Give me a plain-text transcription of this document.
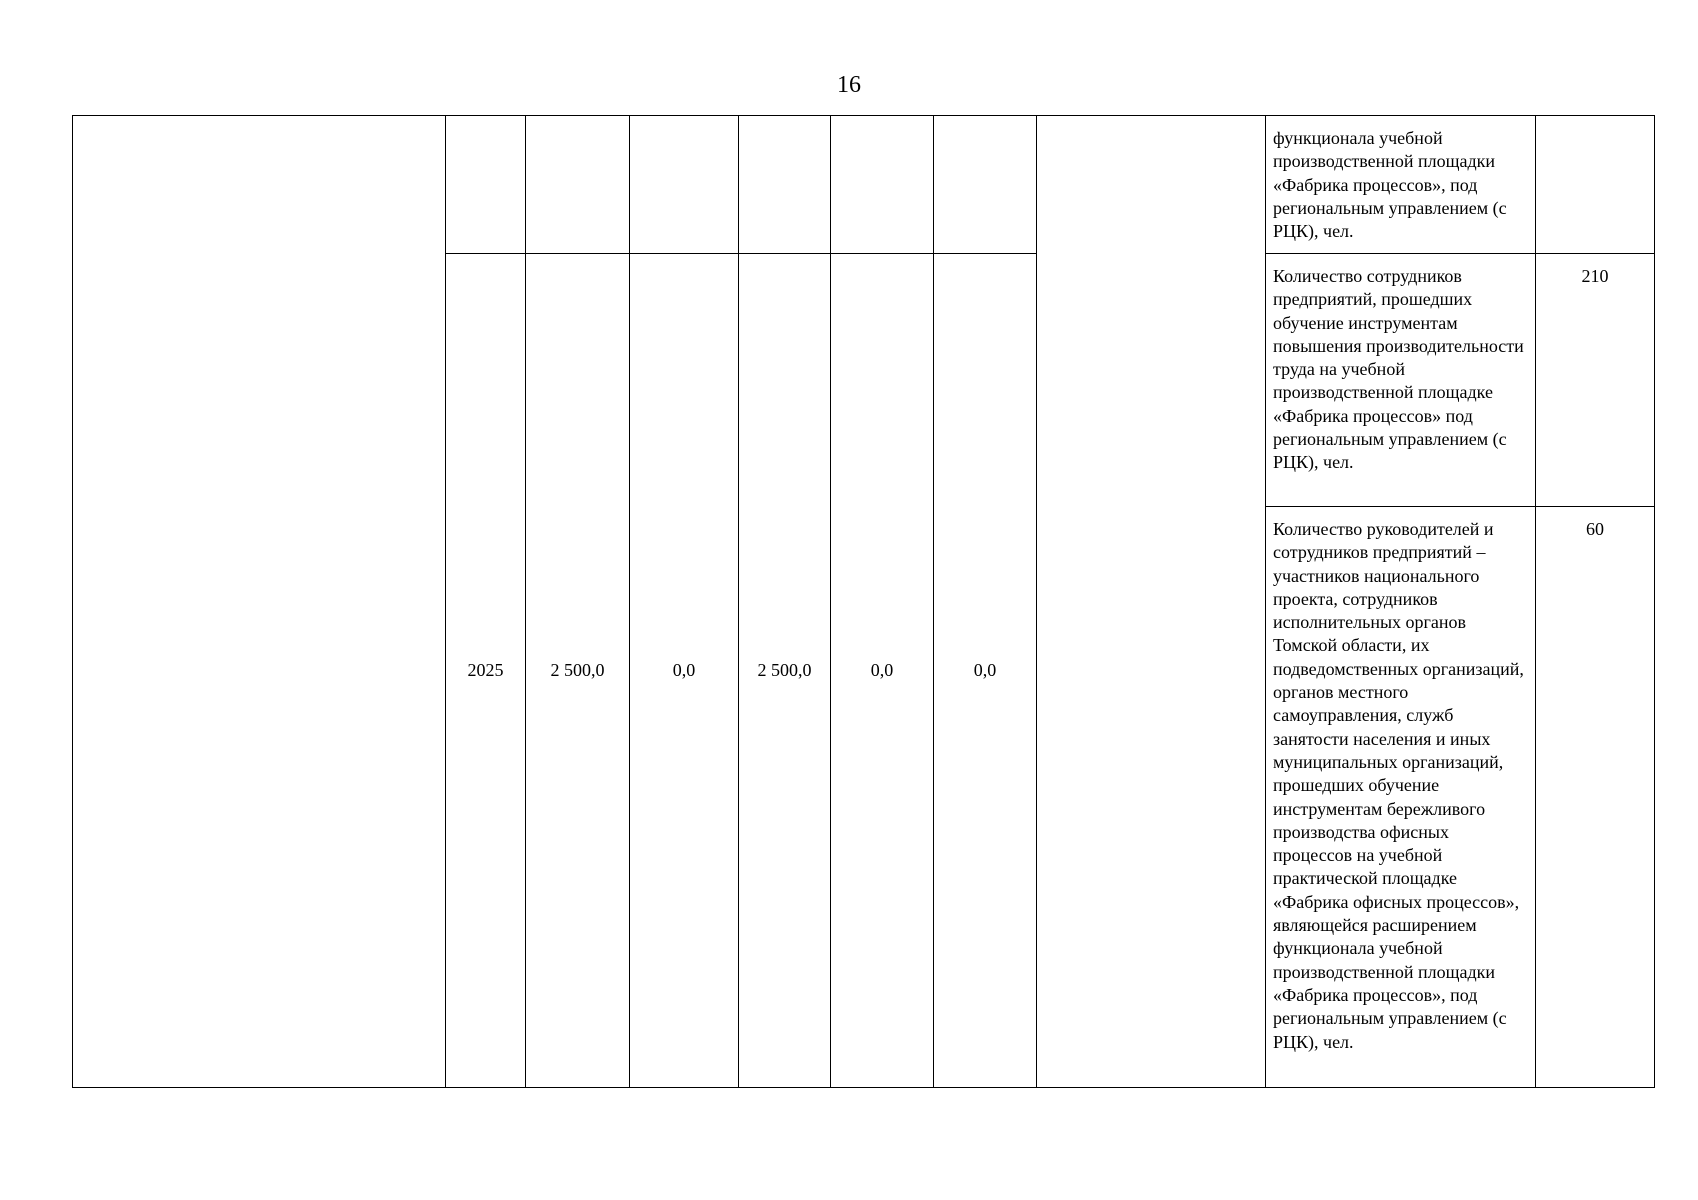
16
								функционала учебной производственной площадки «Фабрика процессов», под региональным управлением (с РЦК), чел.	
	2025	2 500,0	0,0	2 500,0	0,0	0,0		Количество сотрудников предприятий, прошедших обучение инструментам повышения производительности труда на учебной производственной площадке «Фабрика процессов» под региональным управлением (с РЦК), чел.	210
								Количество руководителей и сотрудников предприятий – участников национального проекта, сотрудников исполнительных органов Томской области, их подведомственных организаций, органов местного самоуправления, служб занятости населения и иных муниципальных организаций, прошедших обучение инструментам бережливого производства офисных процессов на учебной практической площадке «Фабрика офисных процессов», являющейся расширением функционала учебной производственной площадки «Фабрика процессов», под региональным управлением (с РЦК), чел.	60
